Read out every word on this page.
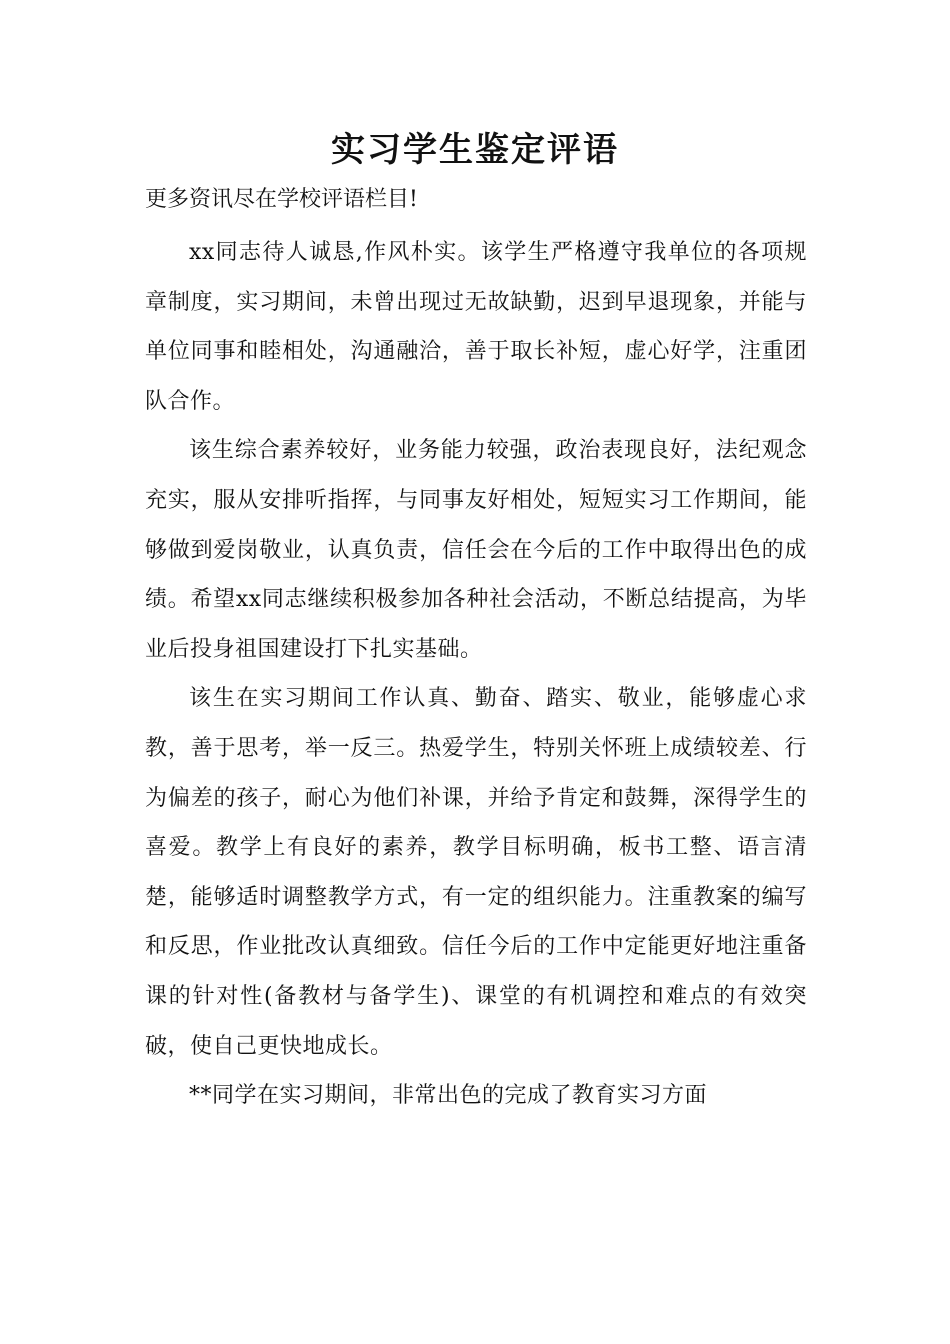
实习学生鉴定评语

更多资讯尽在学校评语栏目!

xx同志待人诚恳,作风朴实。该学生严格遵守我单位的各项规章制度，实习期间，未曾出现过无故缺勤，迟到早退现象，并能与单位同事和睦相处，沟通融洽，善于取长补短，虚心好学，注重团队合作。

该生综合素养较好，业务能力较强，政治表现良好，法纪观念充实，服从安排听指挥，与同事友好相处，短短实习工作期间，能够做到爱岗敬业，认真负责，信任会在今后的工作中取得出色的成绩。希望xx同志继续积极参加各种社会活动，不断总结提高，为毕业后投身祖国建设打下扎实基础。

该生在实习期间工作认真、勤奋、踏实、敬业，能够虚心求教，善于思考，举一反三。热爱学生，特别关怀班上成绩较差、行为偏差的孩子，耐心为他们补课，并给予肯定和鼓舞，深得学生的喜爱。教学上有良好的素养，教学目标明确，板书工整、语言清楚，能够适时调整教学方式，有一定的组织能力。注重教案的编写和反思，作业批改认真细致。信任今后的工作中定能更好地注重备课的针对性(备教材与备学生)、课堂的有机调控和难点的有效突破，使自己更快地成长。

**同学在实习期间，非常出色的完成了教育实习方面
